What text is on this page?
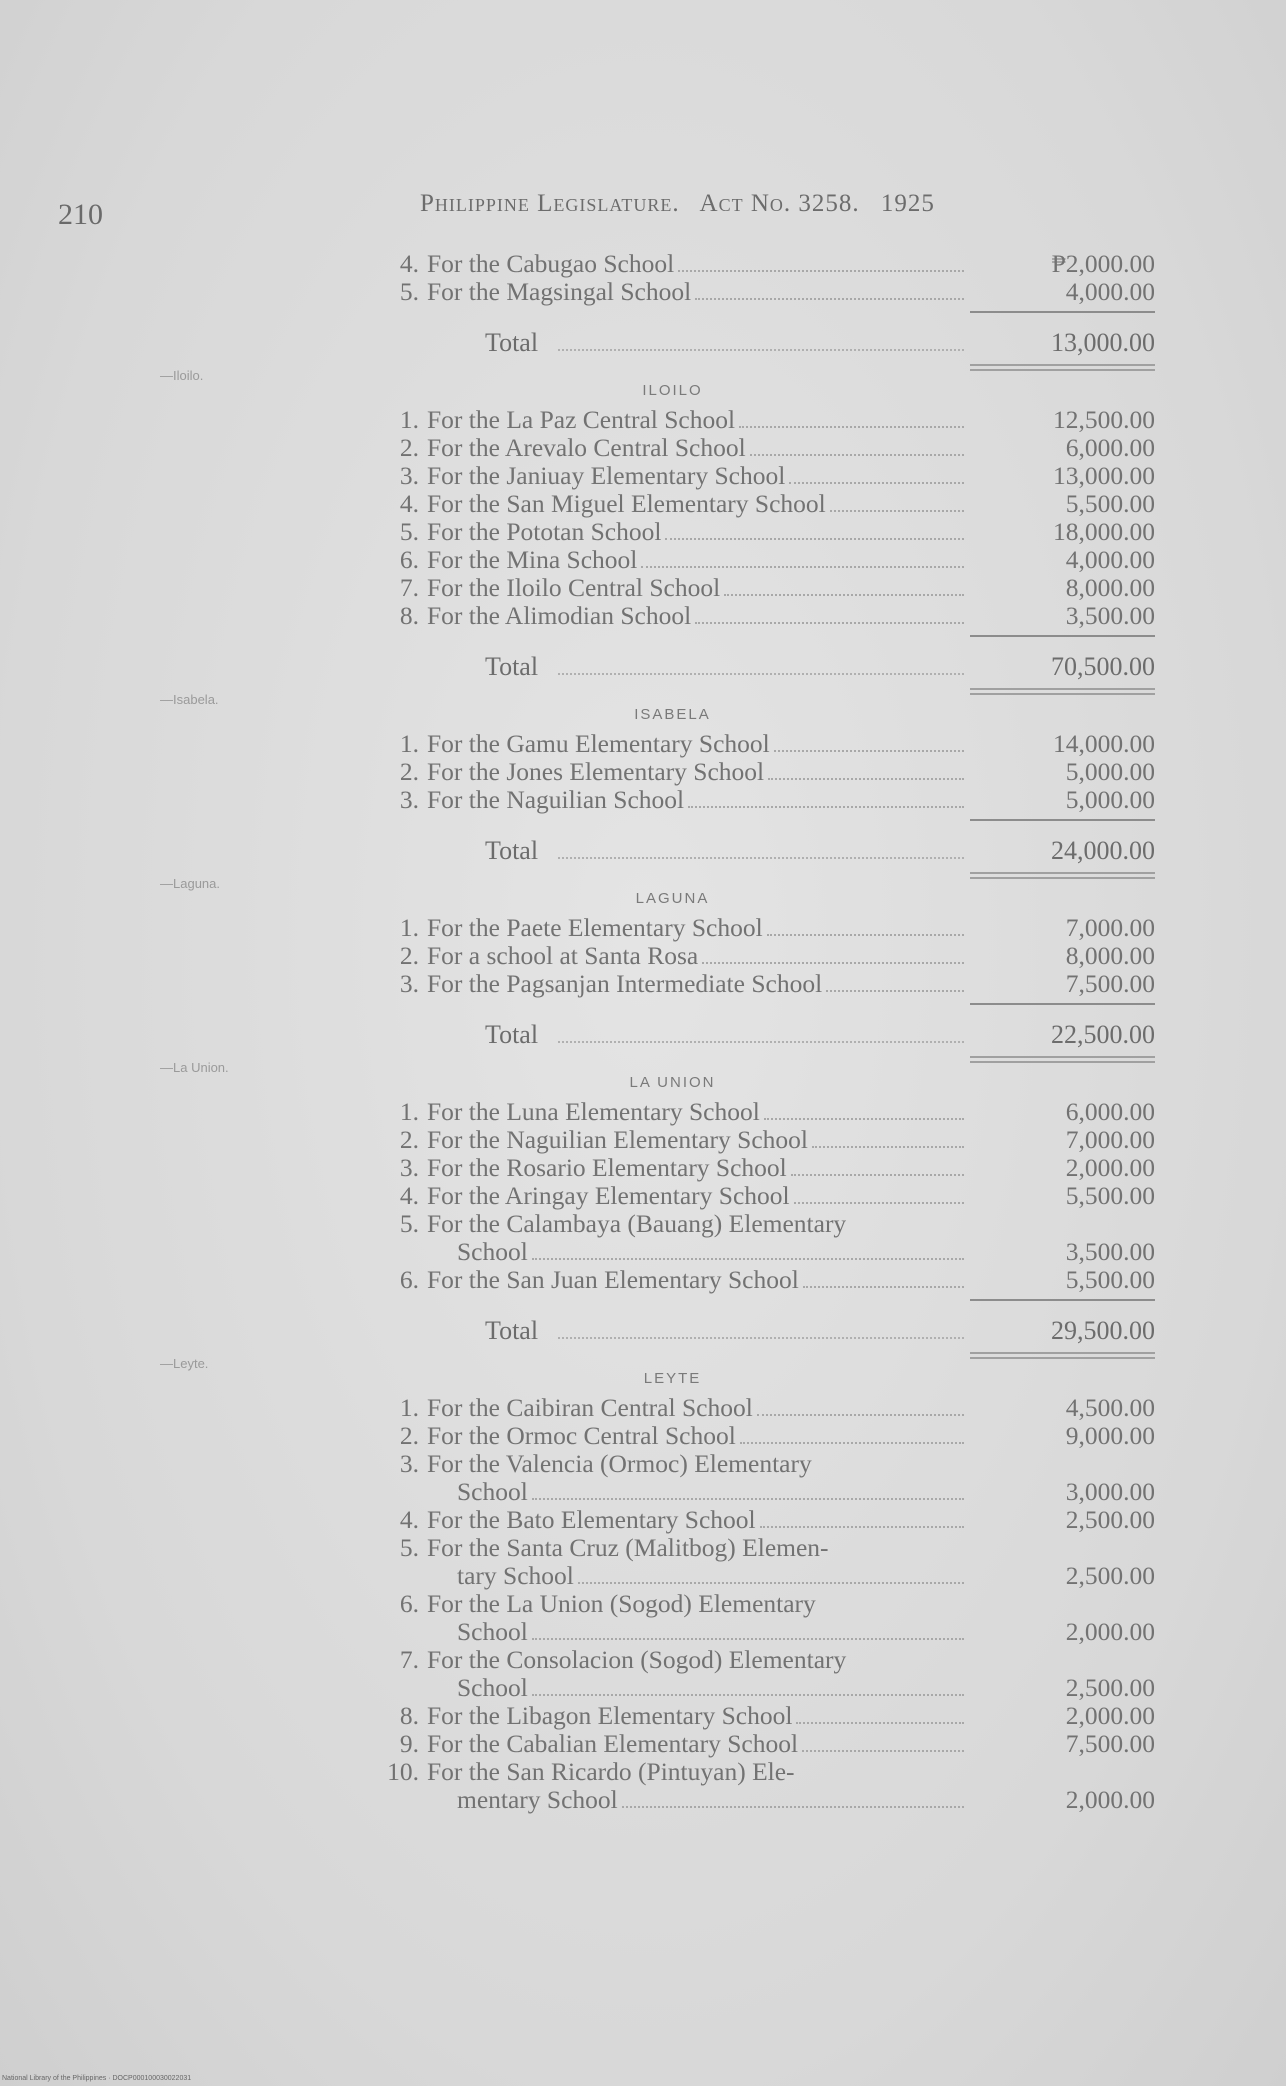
210	Philippine Legislature. Act No. 3258. 1925
4. For the Cabugao School	₱2,000.00
5. For the Magsingal School	4,000.00
Total	13,000.00
ILOILO
1. For the La Paz Central School	12,500.00
2. For the Arevalo Central School	6,000.00
3. For the Janiuay Elementary School	13,000.00
4. For the San Miguel Elementary School	5,500.00
5. For the Pototan School	18,000.00
6. For the Mina School	4,000.00
7. For the Iloilo Central School	8,000.00
8. For the Alimodian School	3,500.00
Total	70,500.00
ISABELA
1. For the Gamu Elementary School	14,000.00
2. For the Jones Elementary School	5,000.00
3. For the Naguilian School	5,000.00
Total	24,000.00
LAGUNA
1. For the Paete Elementary School	7,000.00
2. For a school at Santa Rosa	8,000.00
3. For the Pagsanjan Intermediate School	7,500.00
Total	22,500.00
LA UNION
1. For the Luna Elementary School	6,000.00
2. For the Naguilian Elementary School	7,000.00
3. For the Rosario Elementary School	2,000.00
4. For the Aringay Elementary School	5,500.00
5. For the Calambaya (Bauang) Elementary
School	3,500.00
6. For the San Juan Elementary School	5,500.00
Total	29,500.00
LEYTE
1. For the Caibiran Central School	4,500.00
2. For the Ormoc Central School	9,000.00
3. For the Valencia (Ormoc) Elementary
School	3,000.00
4. For the Bato Elementary School	2,500.00
5. For the Santa Cruz (Malitbog) Elemen-
tary School	2,500.00
6. For the La Union (Sogod) Elementary
School	2,000.00
7. For the Consolacion (Sogod) Elementary
School	2,500.00
8. For the Libagon Elementary School	2,000.00
9. For the Cabalian Elementary School	7,500.00
10. For the San Ricardo (Pintuyan) Ele-
mentary School	2,000.00
National Library of the Philippines · DOCP000100030022031
—Iloilo.
—Isabela.
—Laguna.
—La Union.
—Leyte.
